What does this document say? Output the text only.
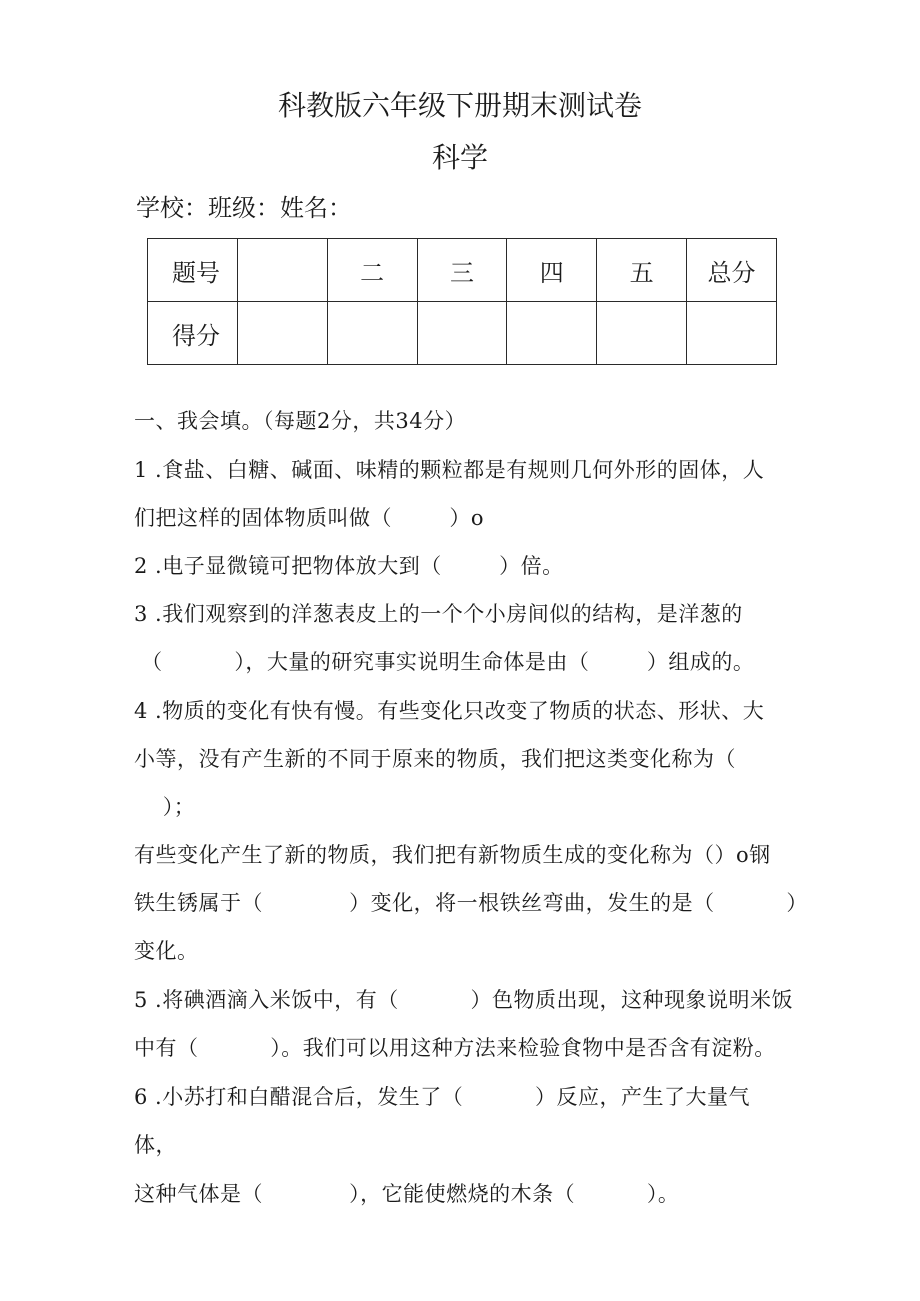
科教版六年级下册期末测试卷
科学
学校：班级：姓名：
题号		二	三	四	五	总分
得分						
一、我会填。（每题2分，共34分）
1 .食盐、白糖、碱面、味精的颗粒都是有规则几何外形的固体，人
们把这样的固体物质叫做（        ）o
2 .电子显微镜可把物体放大到（        ）倍。
3 .我们观察到的洋葱表皮上的一个个小房间似的结构，是洋葱的
（          ），大量的研究事实说明生命体是由（        ）组成的。
4 .物质的变化有快有慢。有些变化只改变了物质的状态、形状、大
小等，没有产生新的不同于原来的物质，我们把这类变化称为（
）；
有些变化产生了新的物质，我们把有新物质生成的变化称为（）o钢
铁生锈属于（            ）变化，将一根铁丝弯曲，发生的是（          ）
变化。
5 .将碘酒滴入米饭中，有（          ）色物质出现，这种现象说明米饭
中有（          ）。我们可以用这种方法来检验食物中是否含有淀粉。
6 .小苏打和白醋混合后，发生了（          ）反应，产生了大量气
体，
这种气体是（            ），它能使燃烧的木条（          ）。
